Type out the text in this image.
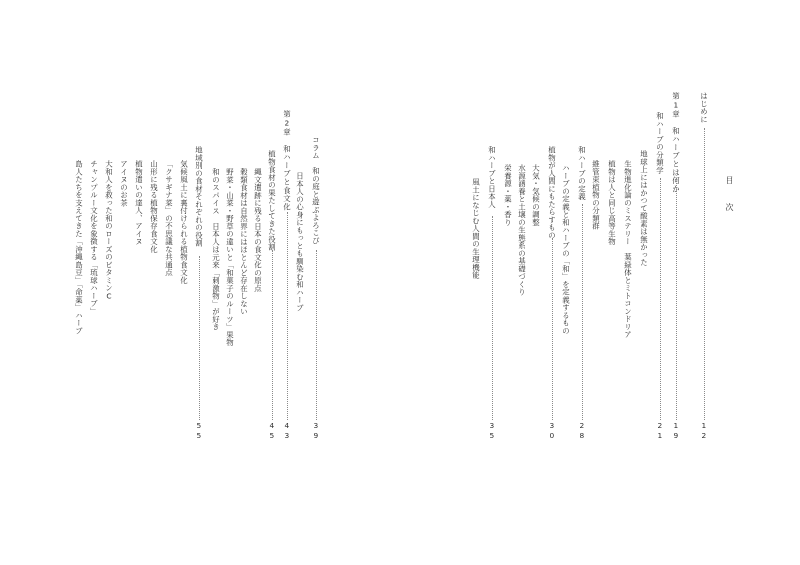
目 次
はじめに
12
第1章　和ハーブとは何か
19
和ハーブの分類学
21
地球上にはかつて酸素は無かった
生物進化論のミステリー　葉緑体とミトコンドリア
植物は人と同じ高等生物
維管束植物の分類群
和ハーブの定義
28
ハーブの定義と和ハーブの「和」を定義するもの
植物が人間にもたらすもの
30
大気・気候の調整
水源涵養と土壌の生態系の基礎づくり
栄養源・薬・香り
和ハーブと日本人
35
風土になじむ人間の生理機能
コラム　和の庭と遊ぶよろこび
39
日本人の心身にもっとも馴染む和ハーブ
第2章　和ハーブと食文化
43
植物食材の果たしてきた役割
45
縄文遺跡に残る日本の食文化の原点
穀類食材は自然界にはほとんど存在しない
野菜・山菜・野草の違いと「和菓子のルーツ」果物
和のスパイス　日本人は元来「刺激物」が好き
地域別の食材それぞれの役割
55
気候風土に裏付けられる植物食文化
「クサギナ菜」の不思議な共通点
山形に残る植物保存食文化
植物遣いの達人、アイヌ
アイヌのお茶
大和人を救った和のローズのビタミンC
チャンプルー文化を象徴する「琉球ハーブ」
島人たちを支えてきた「沖縄島豆」「命薬」ハーブ
